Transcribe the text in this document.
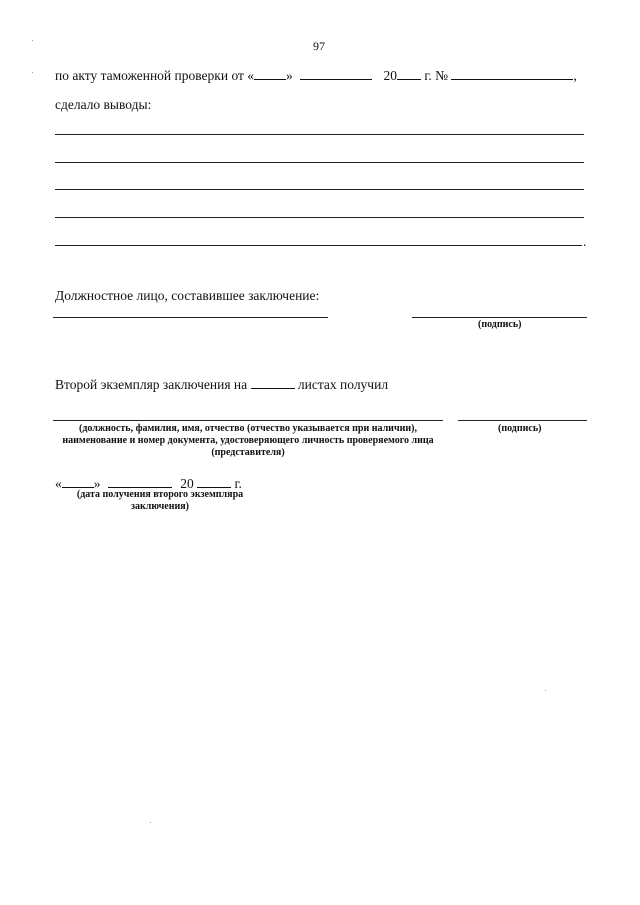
97
по акту таможенной проверки от « »	20 г. №	,
сделало выводы:
.
Должностное лицо, составившее заключение:
(подпись)
Второй экземпляр заключения на	листах получил
(должность, фамилия, имя, отчество (отчество указывается при наличии),
наименование и номер документа, удостоверяющего личность проверяемого лица
(представителя)
(подпись)
« »	20	г.
(дата получения второго экземпляра
заключения)
